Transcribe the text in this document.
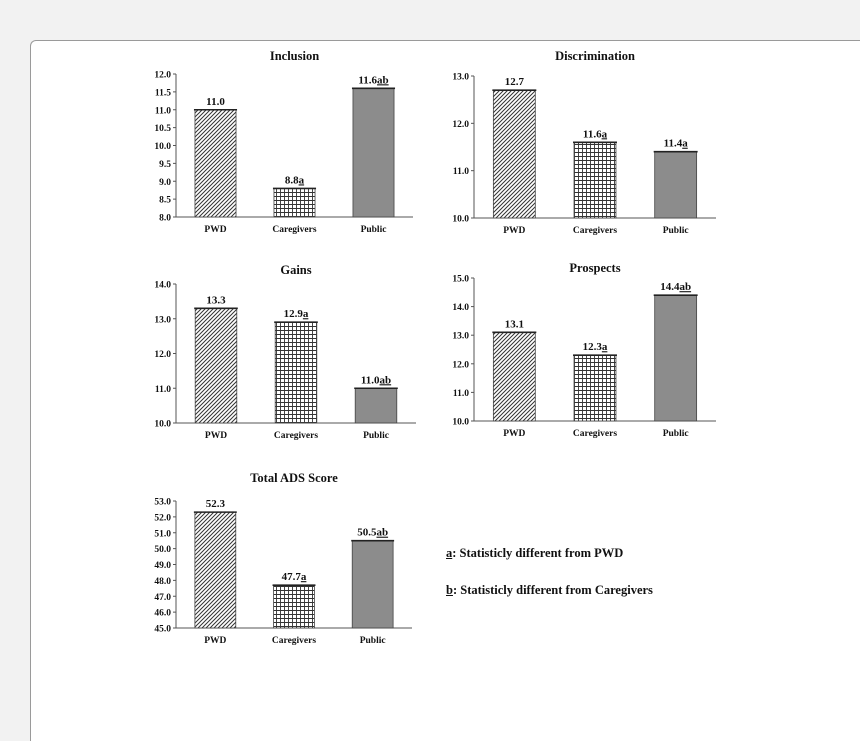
Inclusion
8.0
8.5
9.0
9.5
10.0
10.5
11.0
11.5
12.0
11.0
PWD
8.8a
Caregivers
11.6ab
Public
Discrimination
10.0
11.0
12.0
13.0	12.7
PWD
11.6a
Caregivers
11.4a
Public
Gains
10.0
11.0
12.0
13.0
14.0
13.3
PWD
12.9a
Caregivers
11.0ab
Public
Prospects
10.0
11.0
12.0
13.0
14.0
15.0
13.1
PWD
12.3a
Caregivers
14.4ab
Public
Total ADS Score
45.0
46.0
47.0
48.0
49.0
50.0
51.0
52.0
53.0	52.3
PWD
47.7a
Caregivers
50.5ab
Public
a: Statisticly different from PWD
b: Statisticly different from Caregivers
